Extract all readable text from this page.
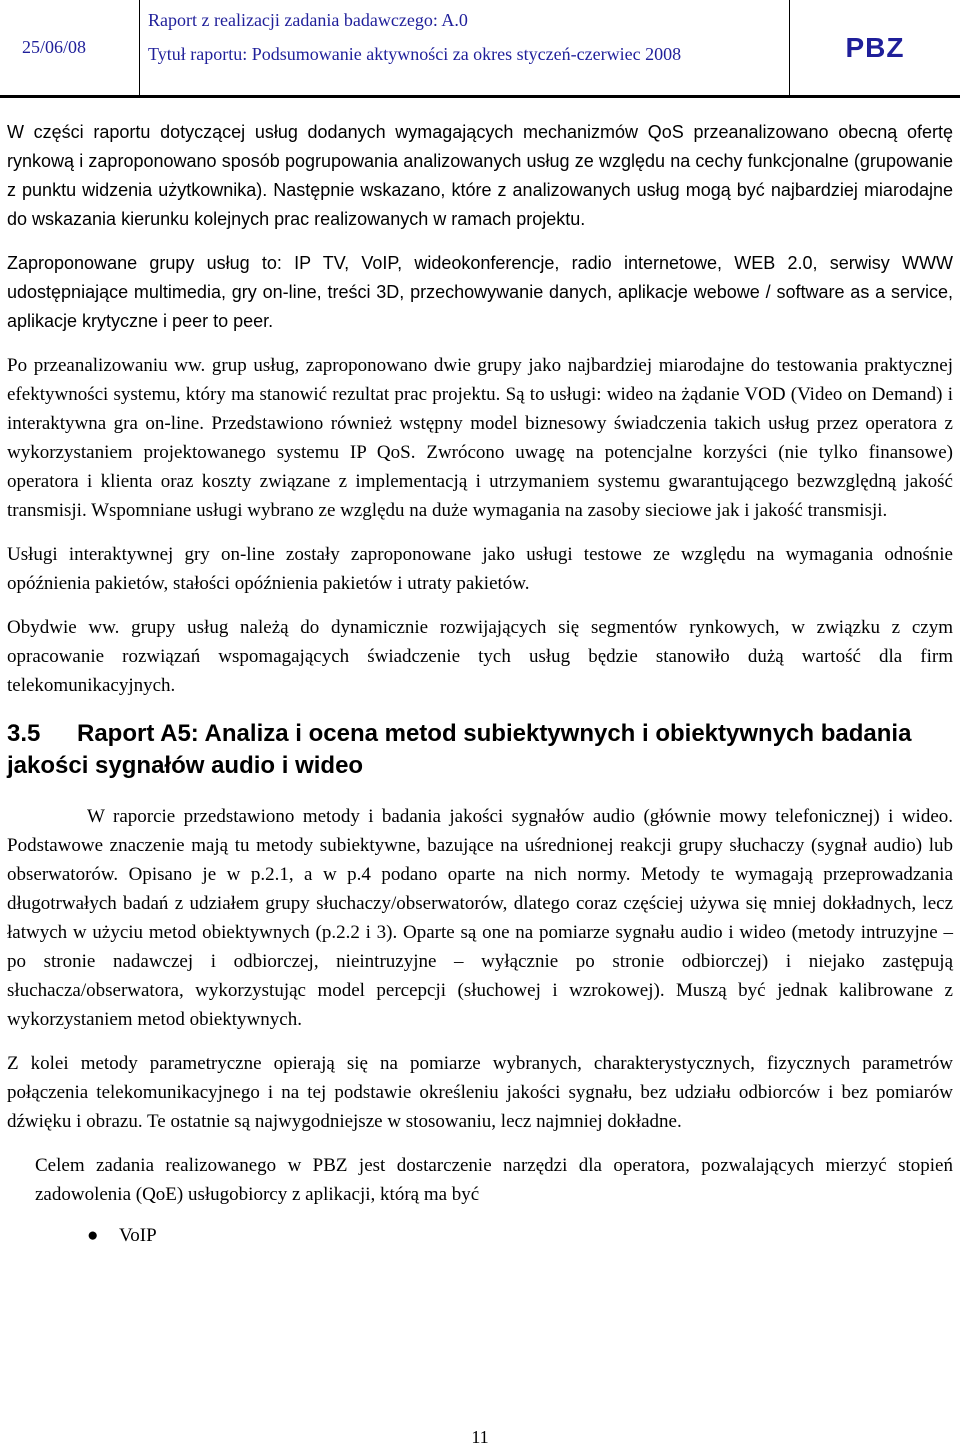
25/06/08
Raport z realizacji zadania badawczego: A.0
Tytuł raportu: Podsumowanie aktywności za okres styczeń-czerwiec 2008	PBZ

W części raportu dotyczącej usług dodanych wymagających mechanizmów QoS przeanalizowano obecną ofertę rynkową i zaproponowano sposób pogrupowania analizowanych usług ze względu na cechy funkcjonalne (grupowanie z punktu widzenia użytkownika). Następnie wskazano, które z analizowanych usług mogą być najbardziej miarodajne do wskazania kierunku kolejnych prac realizowanych w ramach projektu.

Zaproponowane grupy usług to: IP TV, VoIP, wideokonferencje, radio internetowe, WEB 2.0, serwisy WWW udostępniające multimedia, gry on-line, treści 3D, przechowywanie danych, aplikacje webowe / software as a service, aplikacje krytyczne i peer to peer.

Po przeanalizowaniu ww. grup usług, zaproponowano dwie grupy jako najbardziej miarodajne do testowania praktycznej efektywności systemu, który ma stanowić rezultat prac projektu. Są to usługi: wideo na żądanie VOD (Video on Demand) i interaktywna gra on-line. Przedstawiono również wstępny model biznesowy świadczenia takich usług przez operatora z wykorzystaniem projektowanego systemu IP QoS. Zwrócono uwagę na potencjalne korzyści (nie tylko finansowe) operatora i klienta oraz koszty związane z implementacją i utrzymaniem systemu gwarantującego bezwzględną jakość transmisji. Wspomniane usługi wybrano ze względu na duże wymagania na zasoby sieciowe jak i jakość transmisji.

Usługi interaktywnej gry on-line zostały zaproponowane jako usługi testowe ze względu na wymagania odnośnie opóźnienia pakietów, stałości opóźnienia pakietów i utraty pakietów.

Obydwie ww. grupy usług należą do dynamicznie rozwijających się segmentów rynkowych, w związku z czym opracowanie rozwiązań wspomagających świadczenie tych usług będzie stanowiło dużą wartość dla firm telekomunikacyjnych.

3.5 Raport A5: Analiza i ocena metod subiektywnych i obiektywnych badania jakości sygnałów audio i wideo

W raporcie przedstawiono metody i badania jakości sygnałów audio (głównie mowy telefonicznej) i wideo. Podstawowe znaczenie mają tu metody subiektywne, bazujące na uśrednionej reakcji grupy słuchaczy (sygnał audio) lub obserwatorów. Opisano je w p.2.1, a w p.4 podano oparte na nich normy. Metody te wymagają przeprowadzania długotrwałych badań z udziałem grupy słuchaczy/obserwatorów, dlatego coraz częściej używa się mniej dokładnych, lecz łatwych w użyciu metod obiektywnych (p.2.2 i 3). Oparte są one na pomiarze sygnału audio i wideo (metody intruzyjne – po stronie nadawczej i odbiorczej, nieintruzyjne – wyłącznie po stronie odbiorczej) i niejako zastępują słuchacza/obserwatora, wykorzystując model percepcji (słuchowej i wzrokowej). Muszą być jednak kalibrowane z wykorzystaniem metod obiektywnych.

Z kolei metody parametryczne opierają się na pomiarze wybranych, charakterystycznych, fizycznych parametrów połączenia telekomunikacyjnego i na tej podstawie określeniu jakości sygnału, bez udziału odbiorców i bez pomiarów dźwięku i obrazu. Te ostatnie są najwygodniejsze w stosowaniu, lecz najmniej dokładne.

Celem zadania realizowanego w PBZ jest dostarczenie narzędzi dla operatora, pozwalających mierzyć stopień zadowolenia (QoE) usługobiorcy z aplikacji, którą ma być

● VoIP
11
